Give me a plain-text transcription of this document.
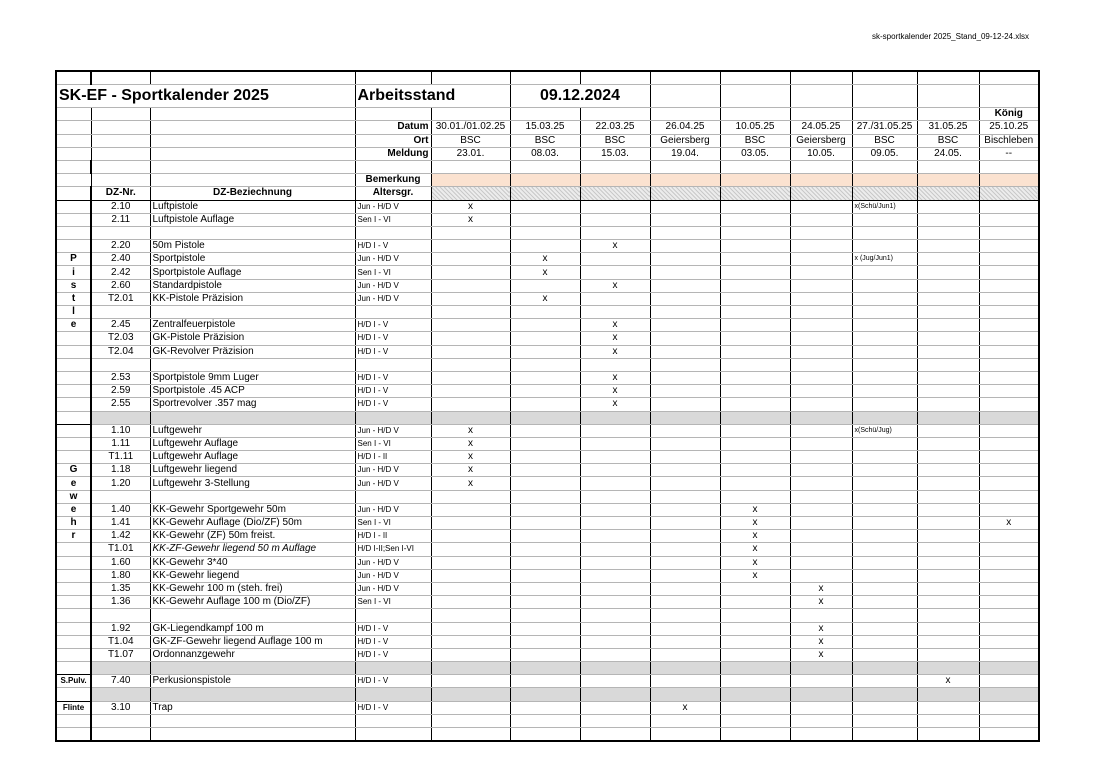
sk-sportkalender 2025_Stand_09-12-24.xlsx

SK-EF - Sportkalender 2025			Arbeitsstand		09.12.2024							
												König
			Datum	30.01./01.02.25	15.03.25	22.03.25	26.04.25	10.05.25	24.05.25	27./31.05.25	31.05.25	25.10.25
			Ort	BSC	BSC	BSC	Geiersberg	BSC	Geiersberg	BSC	BSC	Bischleben
			Meldung	23.01.	08.03.	15.03.	19.04.	03.05.	10.05.	09.05.	24.05.	--

			Bemerkung									
	DZ-Nr.	DZ-Beziechnung	Altersgr.									
	2.10	Luftpistole	Jun - H/D V	x						x(Schü/Jun1)		
	2.11	Luftpistole Auflage	Sen I - VI	x								

	2.20	50m Pistole	H/D I - V			x						
P	2.40	Sportpistole	Jun - H/D V		x					x (Jug/Jun1)		
i	2.42	Sportpistole Auflage	Sen I - VI		x							
s	2.60	Standardpistole	Jun - H/D V			x						
t	T2.01	KK-Pistole Präzision	Jun - H/D V		x							
l												
e	2.45	Zentralfeuerpistole	H/D I - V			x						
	T2.03	GK-Pistole Präzision	H/D I - V			x						
	T2.04	GK-Revolver Präzision	H/D I - V			x						

	2.53	Sportpistole 9mm Luger	H/D I - V			x						
	2.59	Sportpistole .45 ACP	H/D I - V			x						
	2.55	Sportrevolver .357 mag	H/D I - V			x						

	1.10	Luftgewehr	Jun - H/D V	x						x(Schü/Jug)		
	1.11	Luftgewehr Auflage	Sen I - VI	x								
	T1.11	Luftgewehr Auflage	H/D I - II	x								
G	1.18	Luftgewehr liegend	Jun - H/D V	x								
e	1.20	Luftgewehr 3-Stellung	Jun - H/D V	x								
w												
e	1.40	KK-Gewehr Sportgewehr 50m	Jun - H/D V					x				
h	1.41	KK-Gewehr Auflage (Dio/ZF) 50m	Sen I - VI					x				x
r	1.42	KK-Gewehr (ZF) 50m freist.	H/D I - II					x				
	T1.01	KK-ZF-Gewehr liegend 50 m Auflage	H/D I-II;Sen I-VI					x				
	1.60	KK-Gewehr 3*40	Jun - H/D V					x				
	1.80	KK-Gewehr liegend	Jun - H/D V					x				
	1.35	KK-Gewehr 100 m (steh. frei)	Jun - H/D V						x			
	1.36	KK-Gewehr Auflage 100 m (Dio/ZF)	Sen I - VI						x			

	1.92	GK-Liegendkampf 100 m	H/D I - V						x			
	T1.04	GK-ZF-Gewehr liegend Auflage 100 m	H/D I - V						x			
	T1.07	Ordonnanzgewehr	H/D I - V						x			

S.Pulv.	7.40	Perkusionspistole	H/D I - V								x	

Flinte	3.10	Trap	H/D I - V				x					
